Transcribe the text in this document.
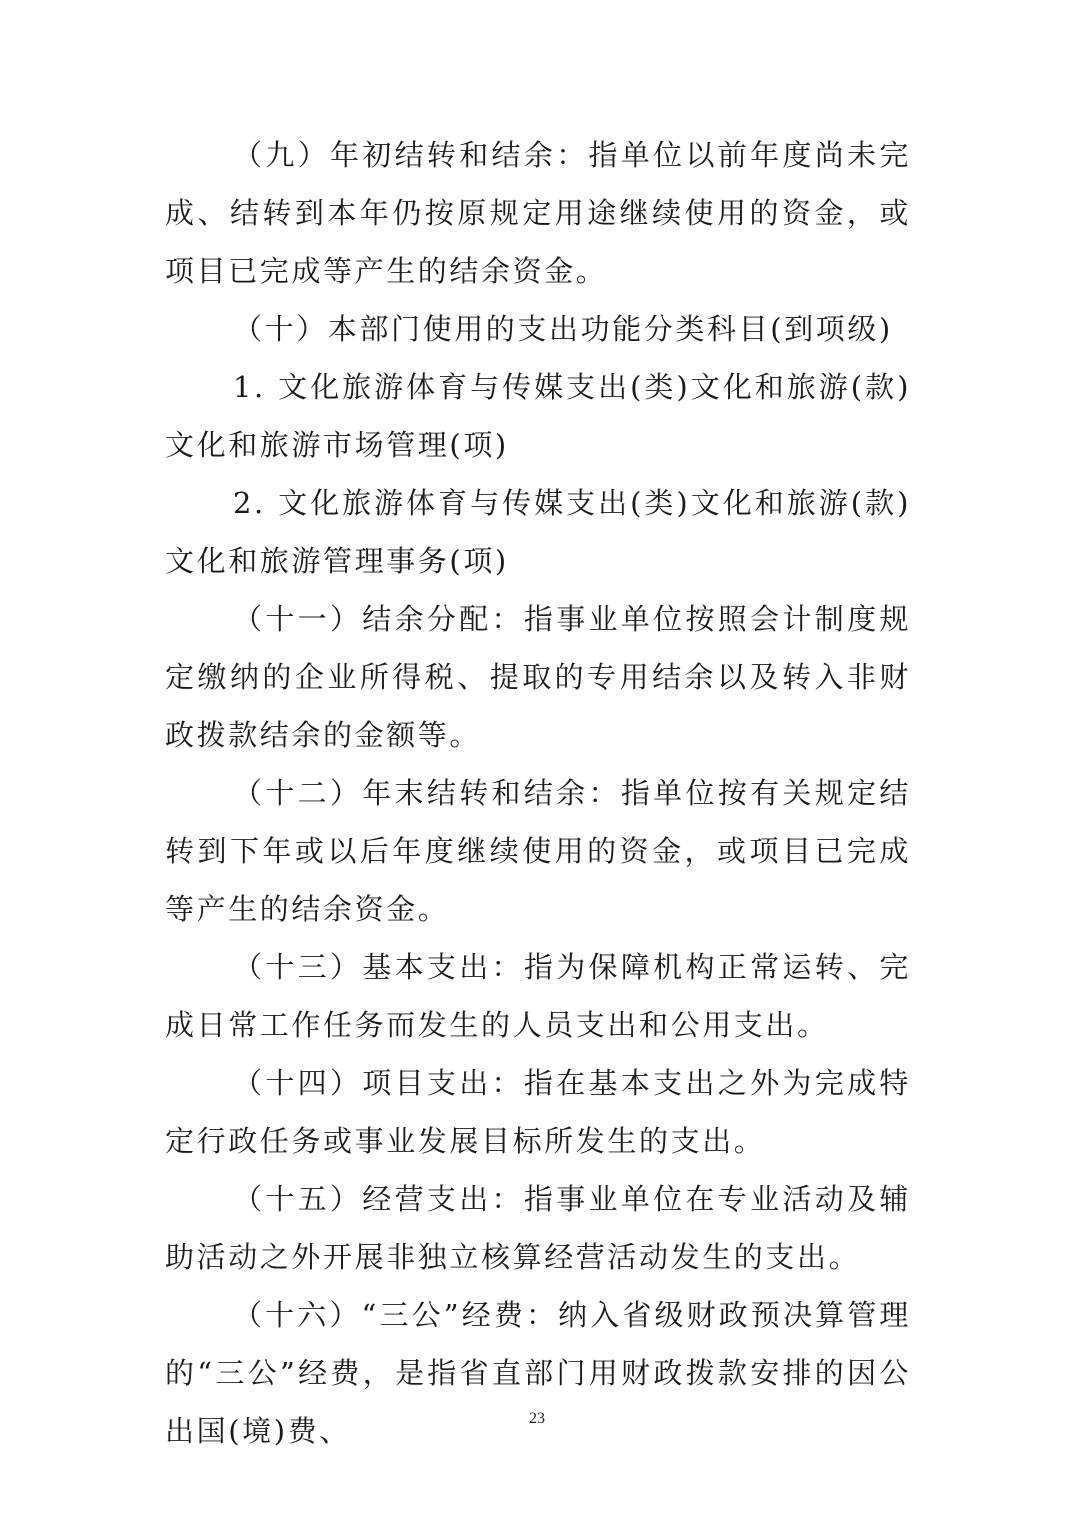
（九）年初结转和结余：指单位以前年度尚未完成、结转到本年仍按原规定用途继续使用的资金，或项目已完成等产生的结余资金。

（十）本部门使用的支出功能分类科目(到项级)

1. 文化旅游体育与传媒支出(类)文化和旅游(款)文化和旅游市场管理(项)

2. 文化旅游体育与传媒支出(类)文化和旅游(款)文化和旅游管理事务(项)

（十一）结余分配：指事业单位按照会计制度规定缴纳的企业所得税、提取的专用结余以及转入非财政拨款结余的金额等。

（十二）年末结转和结余：指单位按有关规定结转到下年或以后年度继续使用的资金，或项目已完成等产生的结余资金。

（十三）基本支出：指为保障机构正常运转、完成日常工作任务而发生的人员支出和公用支出。

（十四）项目支出：指在基本支出之外为完成特定行政任务或事业发展目标所发生的支出。

（十五）经营支出：指事业单位在专业活动及辅助活动之外开展非独立核算经营活动发生的支出。

（十六）“三公”经费：纳入省级财政预决算管理的“三公”经费，是指省直部门用财政拨款安排的因公出国(境)费、	23
